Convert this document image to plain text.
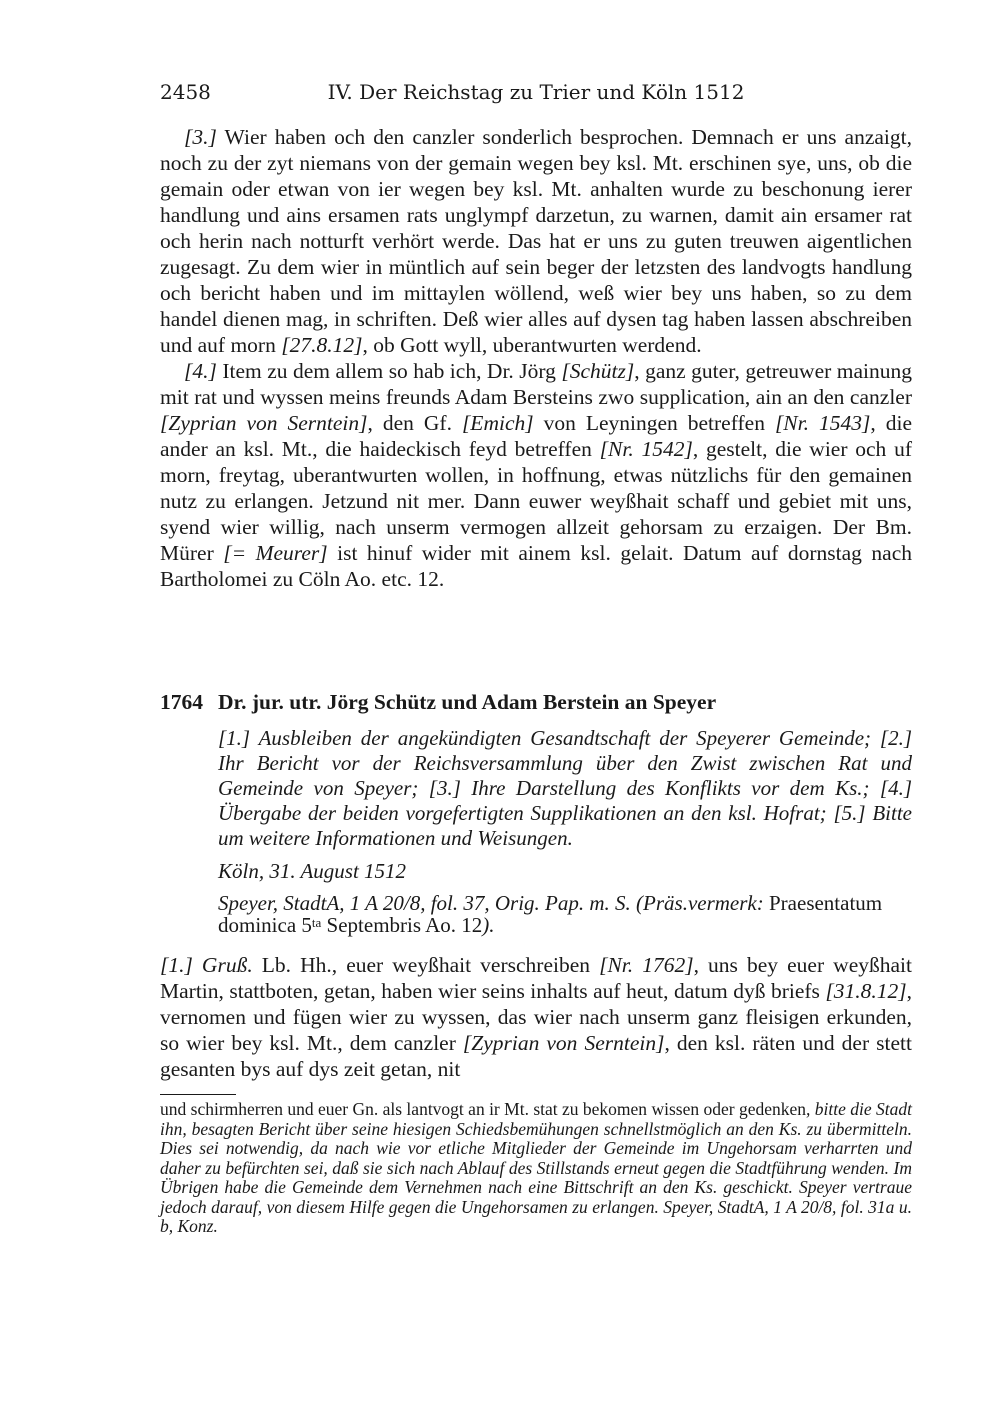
2458	IV. Der Reichstag zu Trier und Köln 1512

[3.] Wier haben och den canzler sonderlich besprochen. Demnach er uns anzaigt, noch zu der zyt niemans von der gemain wegen bey ksl. Mt. erschinen sye, uns, ob die gemain oder etwan von ier wegen bey ksl. Mt. anhalten wurde zu beschonung ierer handlung und ains ersamen rats unglympf darzetun, zu warnen, damit ain ersamer rat och herin nach notturft verhört werde. Das hat er uns zu guten treuwen aigentlichen zugesagt. Zu dem wier in müntlich auf sein beger der letzsten des landvogts handlung och bericht haben und im mittaylen wöllend, weß wier bey uns haben, so zu dem handel dienen mag, in schriften. Deß wier alles auf dysen tag haben lassen abschreiben und auf morn [27.8.12], ob Gott wyll, uberantwurten werdend.

[4.] Item zu dem allem so hab ich, Dr. Jörg [Schütz], ganz guter, getreuwer mainung mit rat und wyssen meins freunds Adam Bersteins zwo supplication, ain an den canzler [Zyprian von Serntein], den Gf. [Emich] von Leyningen betreffen [Nr. 1543], die ander an ksl. Mt., die haideckisch feyd betreffen [Nr. 1542], gestelt, die wier och uf morn, freytag, uberantwurten wollen, in hoffnung, etwas nützlichs für den gemainen nutz zu erlangen. Jetzund nit mer. Dann euwer weyßhait schaff und gebiet mit uns, syend wier willig, nach unserm vermogen allzeit gehorsam zu erzaigen. Der Bm. Mürer [= Meurer] ist hinuf wider mit ainem ksl. gelait. Datum auf dornstag nach Bartholomei zu Cöln Ao. etc. 12.

1764 Dr. jur. utr. Jörg Schütz und Adam Berstein an Speyer

[1.] Ausbleiben der angekündigten Gesandtschaft der Speyerer Gemeinde; [2.] Ihr Bericht vor der Reichsversammlung über den Zwist zwischen Rat und Gemeinde von Speyer; [3.] Ihre Darstellung des Konflikts vor dem Ks.; [4.] Übergabe der beiden vorgefertigten Supplikationen an den ksl. Hofrat; [5.] Bitte um weitere Informationen und Weisungen.

Köln, 31. August 1512

Speyer, StadtA, 1 A 20/8, fol. 37, Orig. Pap. m. S. (Präs.vermerk: Praesentatum dominica $5^{ta}$ Septembris Ao. 12).

[1.] Gruß. Lb. Hh., euer weyßhait verschreiben [Nr. 1762], uns bey euer weyßhait Martin, stattboten, getan, haben wier seins inhalts auf heut, datum dyß briefs [31.8.12], vernomen und fügen wier zu wyssen, das wier nach unserm ganz fleisigen erkunden, so wier bey ksl. Mt., dem canzler [Zyprian von Serntein], den ksl. räten und der stett gesanten bys auf dys zeit getan, nit

und schirmherren und euer Gn. als lantvogt an ir Mt. stat zu bekomen wissen oder gedenken, bitte die Stadt ihn, besagten Bericht über seine hiesigen Schiedsbemühungen schnellstmöglich an den Ks. zu übermitteln. Dies sei notwendig, da nach wie vor etliche Mitglieder der Gemeinde im Ungehorsam verharrten und daher zu befürchten sei, daß sie sich nach Ablauf des Stillstands erneut gegen die Stadtführung wenden. Im Übrigen habe die Gemeinde dem Vernehmen nach eine Bittschrift an den Ks. geschickt. Speyer vertraue jedoch darauf, von diesem Hilfe gegen die Ungehorsamen zu erlangen. Speyer, StadtA, 1 A 20/8, fol. 31a u. b, Konz.
